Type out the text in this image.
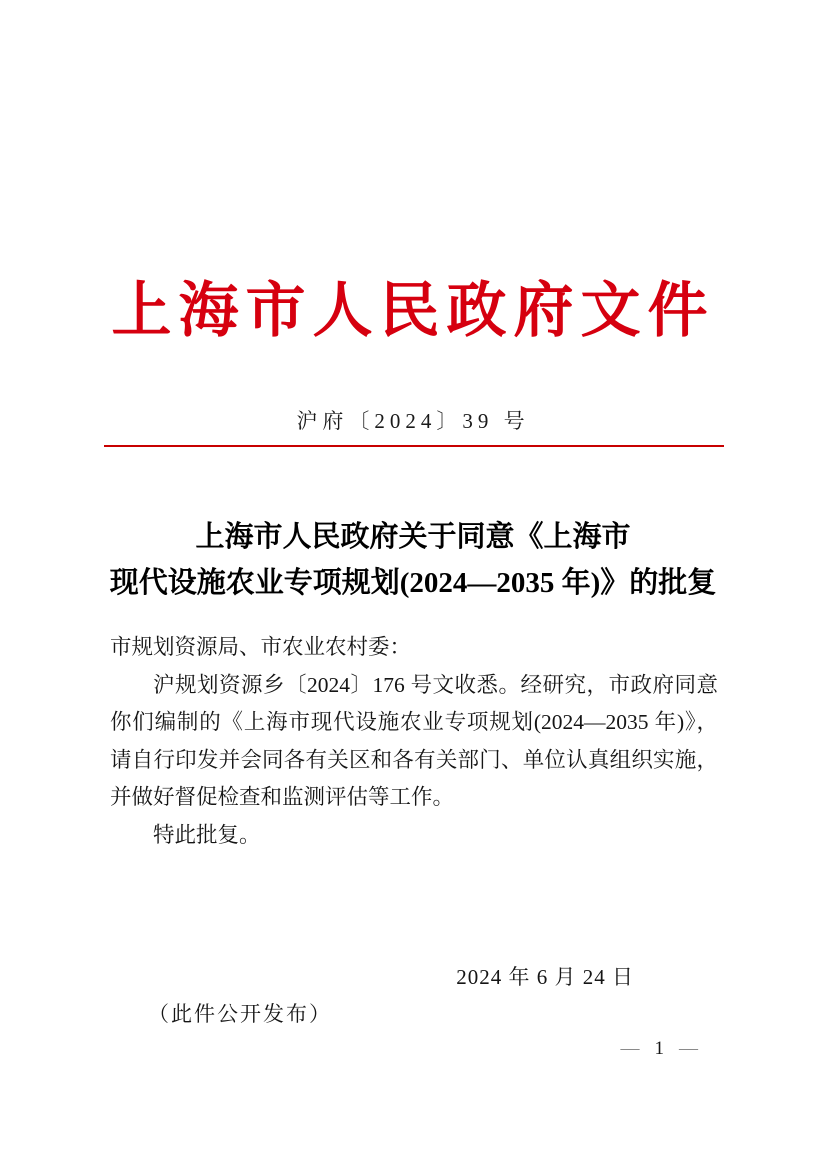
上海市人民政府文件
沪府〔2024〕39 号
上海市人民政府关于同意《上海市
现代设施农业专项规划(2024—2035 年)》的批复

市规划资源局、市农业农村委：

沪规划资源乡〔2024〕176 号文收悉。经研究，市政府同意你们编制的《上海市现代设施农业专项规划(2024—2035 年)》，请自行印发并会同各有关区和各有关部门、单位认真组织实施，并做好督促检查和监测评估等工作。

特此批复。

2024 年 6 月 24 日
（此件公开发布）
— 1 —
